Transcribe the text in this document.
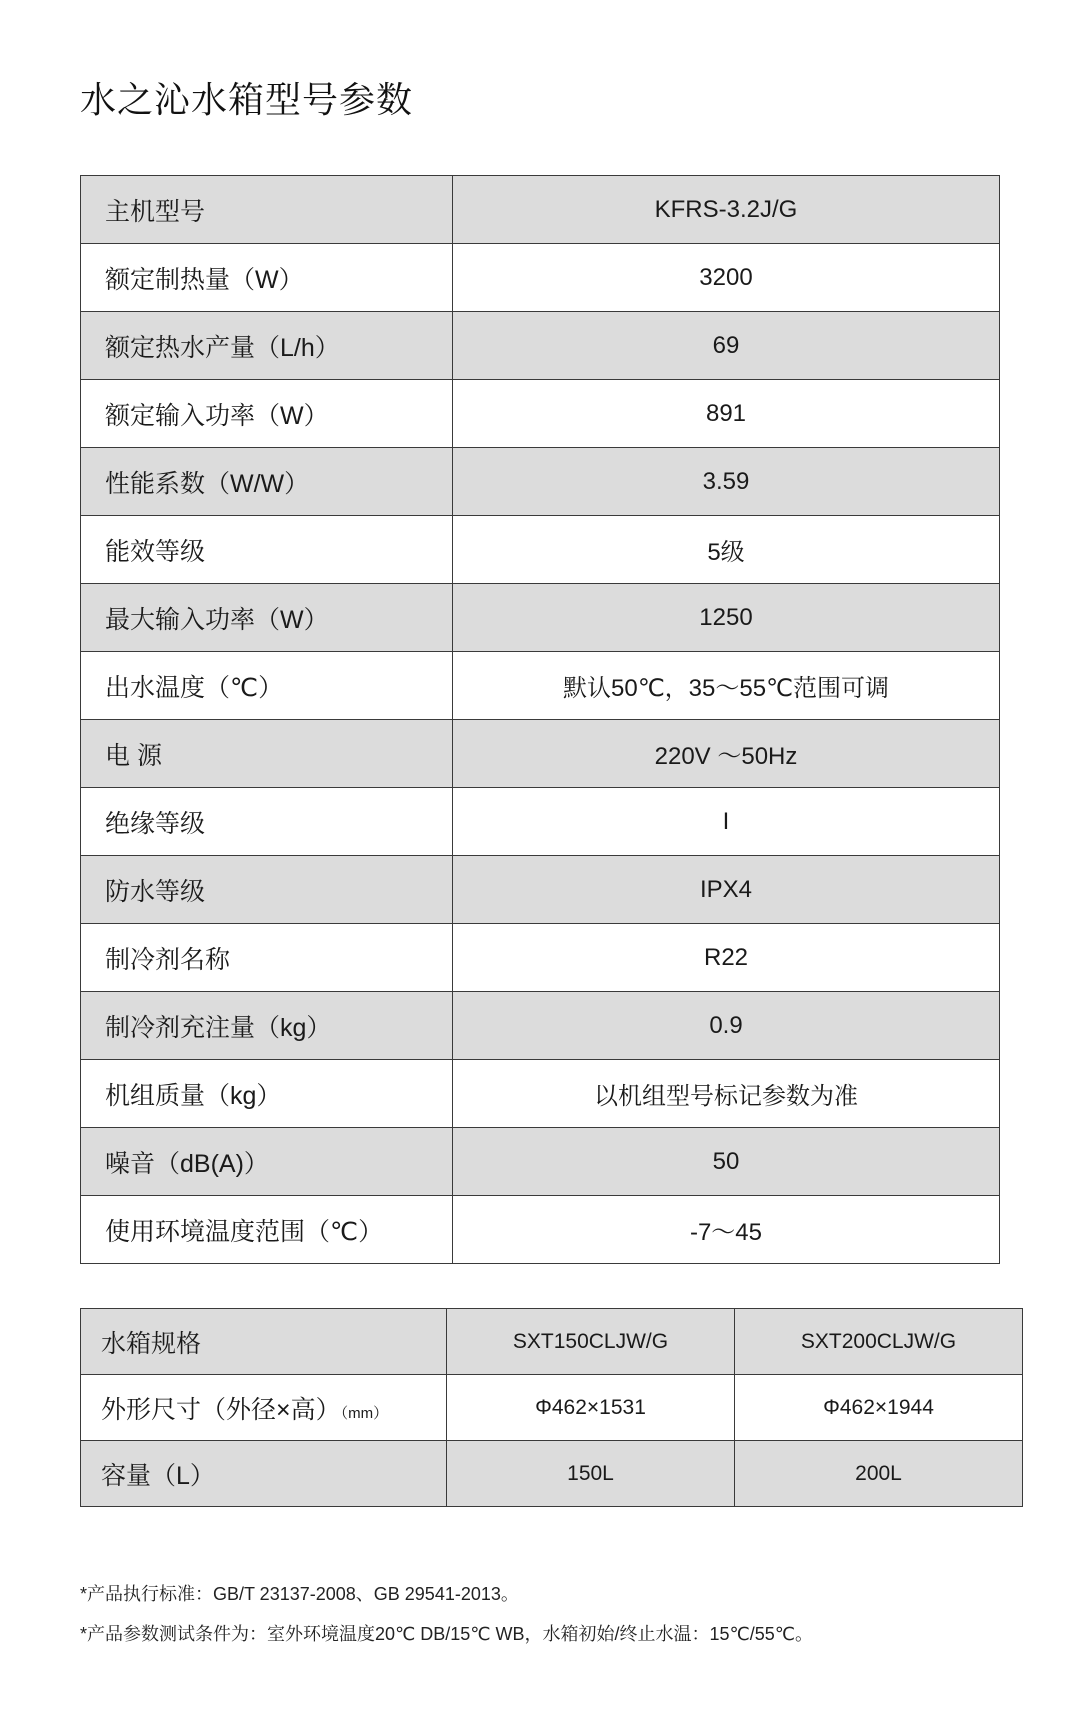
水之沁水箱型号参数
主机型号	KFRS-3.2J/G
额定制热量（W）	3200
额定热水产量（L/h）	69
额定输入功率（W）	891
性能系数（W/W）	3.59
能效等级	5级
最大输入功率（W）	1250
出水温度（℃）	默认50℃，35～55℃范围可调
电 源	220V ～50Hz
绝缘等级	I
防水等级	IPX4
制冷剂名称	R22
制冷剂充注量（kg）	0.9
机组质量（kg）	以机组型号标记参数为准
噪音（dB(A)）	50
使用环境温度范围（℃）	-7～45
水箱规格	SXT150CLJW/G	SXT200CLJW/G
外形尺寸（外径×高）（mm）	Φ462×1531	Φ462×1944
容量（L）	150L	200L

*产品执行标准：GB/T 23137-2008、GB 29541-2013。

*产品参数测试条件为：室外环境温度20℃ DB/15℃ WB，水箱初始/终止水温：15℃/55℃。
